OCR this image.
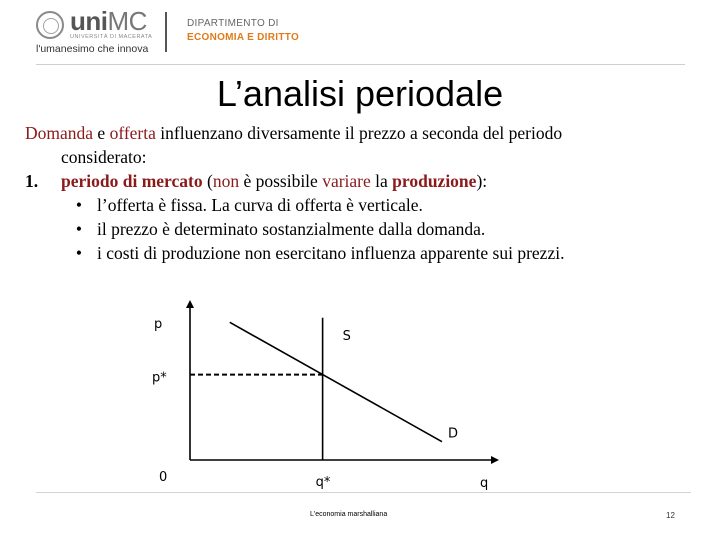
uniMC
UNIVERSITÀ DI MACERATA
l'umanesimo che innova
DIPARTIMENTO DI
ECONOMIA E DIRITTO
L’analisi periodale

Domanda e offerta influenzano diversamente il prezzo a seconda del periodo

considerato:

1. periodo di mercato (non è possibile variare la produzione):

• l’offerta è fissa. La curva di offerta è verticale.

• il prezzo è determinato sostanzialmente dalla domanda.

• i costi di produzione non esercitano influenza apparente sui prezzi.

p
q
0	q*
p*
S
D
L'economia marshalliana	12
